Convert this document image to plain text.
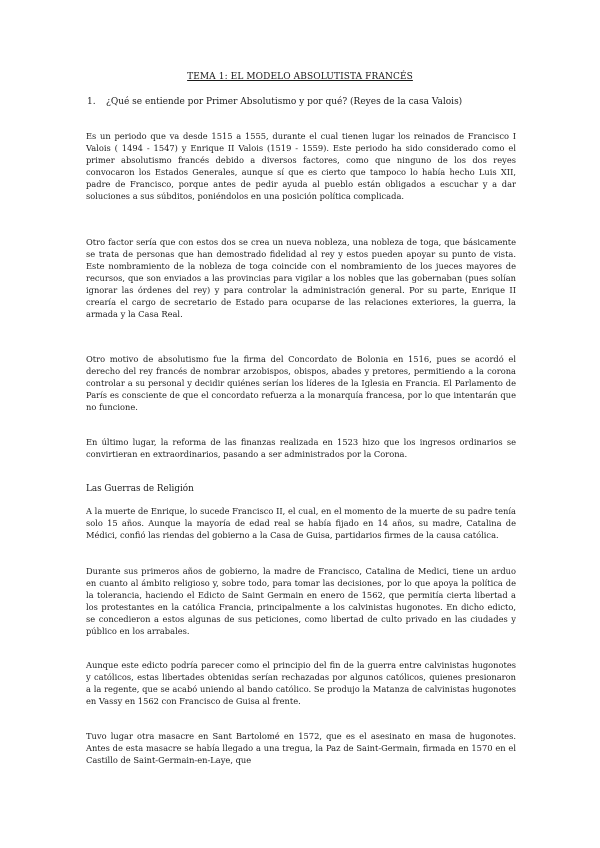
TEMA 1: EL MODELO ABSOLUTISTA FRANCÉS
1. ¿Qué se entiende por Primer Absolutismo y por qué? (Reyes de la casa Valois)
Es un periodo que va desde 1515 a 1555, durante el cual tienen lugar los reinados de Francisco I Valois ( 1494 - 1547) y Enrique II Valois (1519 - 1559). Este periodo ha sido considerado como el primer absolutismo francés debido a diversos factores, como que ninguno de los dos reyes convocaron los Estados Generales, aunque sí que es cierto que tampoco lo había hecho Luis XII, padre de Francisco, porque antes de pedir ayuda al pueblo están obligados a escuchar y a dar soluciones a sus súbditos, poniéndolos en una posición política complicada.
Otro factor sería que con estos dos se crea un nueva nobleza, una nobleza de toga, que básicamente se trata de personas que han demostrado fidelidad al rey y estos pueden apoyar su punto de vista. Este nombramiento de la nobleza de toga coincide con el nombramiento de los jueces mayores de recursos, que son enviados a las provincias para vigilar a los nobles que las gobernaban (pues solían ignorar las órdenes del rey) y para controlar la administración general. Por su parte, Enrique II crearía el cargo de secretario de Estado para ocuparse de las relaciones exteriores, la guerra, la armada y la Casa Real.
Otro motivo de absolutismo fue la firma del Concordato de Bolonia en 1516, pues se acordó el derecho del rey francés de nombrar arzobispos, obispos, abades y pretores, permitiendo a la corona controlar a su personal y decidir quiénes serían los líderes de la Iglesia en Francia. El Parlamento de París es consciente de que el concordato refuerza a la monarquía francesa, por lo que intentarán que no funcione.
En último lugar, la reforma de las finanzas realizada en 1523 hizo que los ingresos ordinarios se convirtieran en extraordinarios, pasando a ser administrados por la Corona.
Las Guerras de Religión
A la muerte de Enrique, lo sucede Francisco II, el cual, en el momento de la muerte de su padre tenía solo 15 años. Aunque la mayoría de edad real se había fijado en 14 años, su madre, Catalina de Médici, confió las riendas del gobierno a la Casa de Guisa, partidarios firmes de la causa católica.
Durante sus primeros años de gobierno, la madre de Francisco, Catalina de Medici, tiene un arduo en cuanto al ámbito religioso y, sobre todo, para tomar las decisiones, por lo que apoya la política de la tolerancia, haciendo el Edicto de Saint Germain en enero de 1562, que permitía cierta libertad a los protestantes en la católica Francia, principalmente a los calvinistas hugonotes. En dicho edicto, se concedieron a estos algunas de sus peticiones, como libertad de culto privado en las ciudades y público en los arrabales.
Aunque este edicto podría parecer como el principio del fin de la guerra entre calvinistas hugonotes y católicos, estas libertades obtenidas serían rechazadas por algunos católicos, quienes presionaron a la regente, que se acabó uniendo al bando católico. Se produjo la Matanza de calvinistas hugonotes en Vassy en 1562 con Francisco de Guisa al frente.
Tuvo lugar otra masacre en Sant Bartolomé en 1572, que es el asesinato en masa de hugonotes. Antes de esta masacre se había llegado a una tregua, la Paz de Saint-Germain, firmada en 1570 en el Castillo de Saint-Germain-en-Laye, que
